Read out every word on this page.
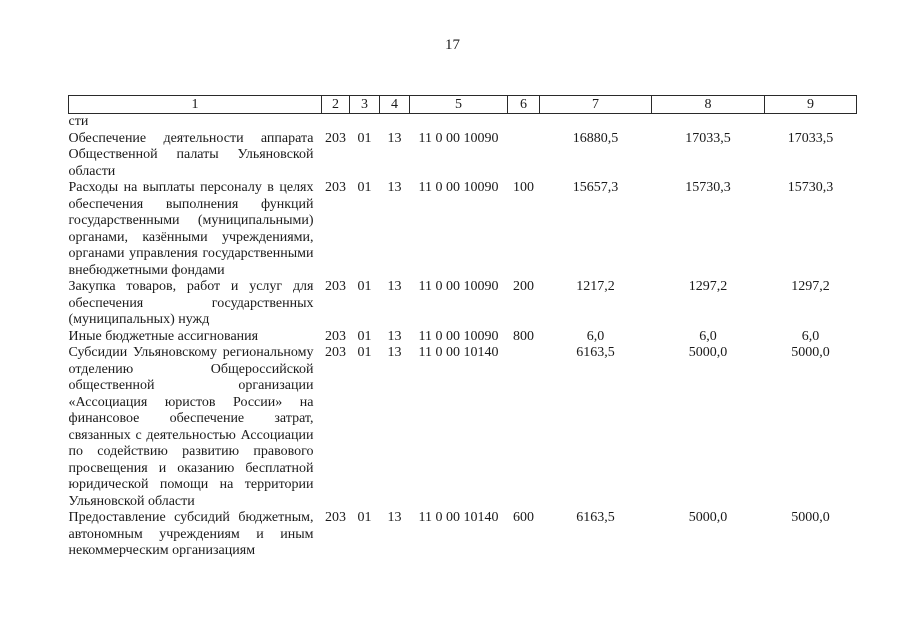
17
1	2	3	4	5	6	7	8	9
сти								
Обеспечение деятельности аппарата Общественной палаты Ульяновской области	203	01	13	11 0 00 10090		16880,5	17033,5	17033,5
Расходы на выплаты персоналу в целях обеспечения выполнения функций государственными (муниципальными) органами, казёнными учреждениями, органами управления государственными внебюджетными фондами	203	01	13	11 0 00 10090	100	15657,3	15730,3	15730,3
Закупка товаров, работ и услуг для обеспечения государственных (муниципальных) нужд	203	01	13	11 0 00 10090	200	1217,2	1297,2	1297,2
Иные бюджетные ассигнования	203	01	13	11 0 00 10090	800	6,0	6,0	6,0
Субсидии Ульяновскому региональному отделению Общероссийской общественной организации «Ассоциация юристов России» на финансовое обеспечение затрат, связанных с деятельностью Ассоциации по содействию развитию правового просвещения и оказанию бесплатной юридической помощи на территории Ульяновской области	203	01	13	11 0 00 10140		6163,5	5000,0	5000,0
Предоставление субсидий бюджетным, автономным учреждениям и иным некоммерческим организациям	203	01	13	11 0 00 10140	600	6163,5	5000,0	5000,0
